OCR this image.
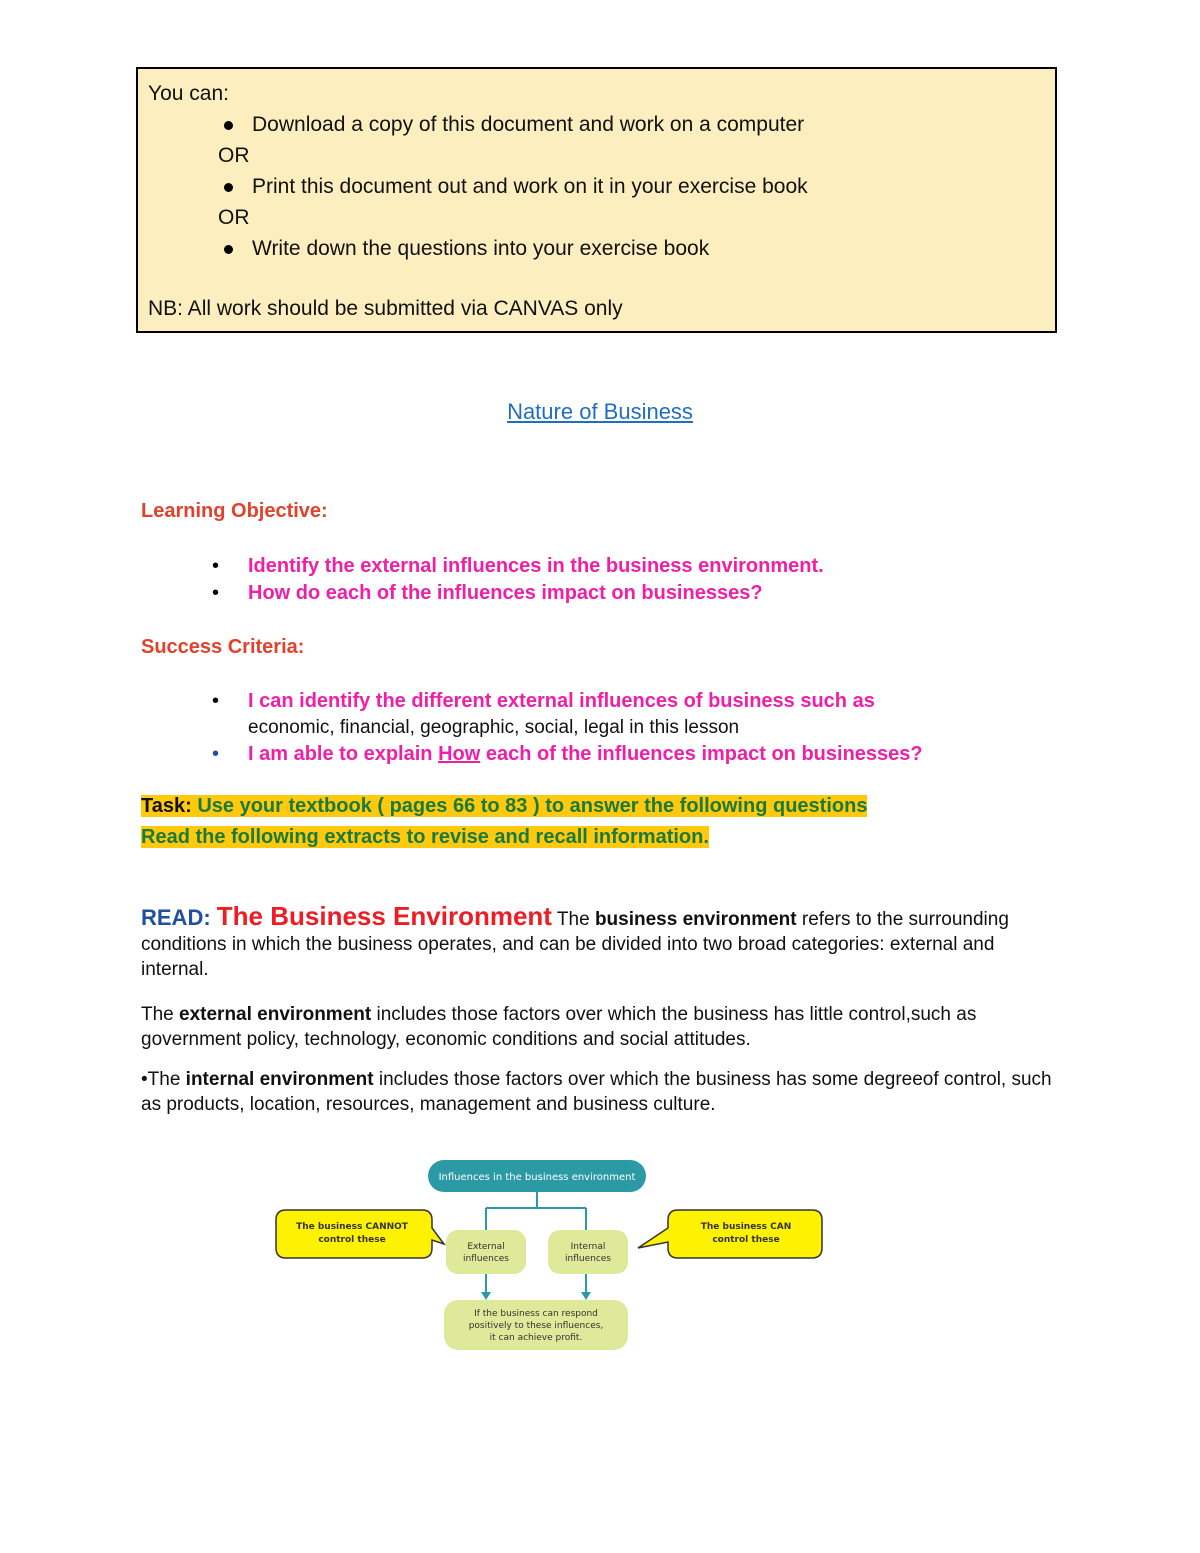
You can:
Download a copy of this document and work on a computer
OR
Print this document out and work on it in your exercise book
OR
Write down the questions into your exercise book
NB: All work should be submitted via CANVAS only
Nature of Business
Learning Objective:
• Identify the external influences in the business environment.
• How do each of the influences impact on businesses?
Success Criteria:
• I can identify the different external influences of business such as
economic, financial, geographic, social, legal in this lesson
• I am able to explain How each of the influences impact on businesses?
Task: Use your textbook ( pages 66 to 83 ) to answer the following questions
Read the following extracts to revise and recall information.
READ: The Business Environment The business environment refers to the surrounding conditions in which the business operates, and can be divided into two broad categories: external and internal.
The external environment includes those factors over which the business has little control,such as government policy, technology, economic conditions and social attitudes.
•The internal environment includes those factors over which the business has some degreeof control, such as products, location, resources, management and business culture.
Influences in the business environment
External
influences
Internal
influences
If the business can respond
positively to these influences,
it can achieve profit.
The business CANNOT
control these
The business CAN
control these
